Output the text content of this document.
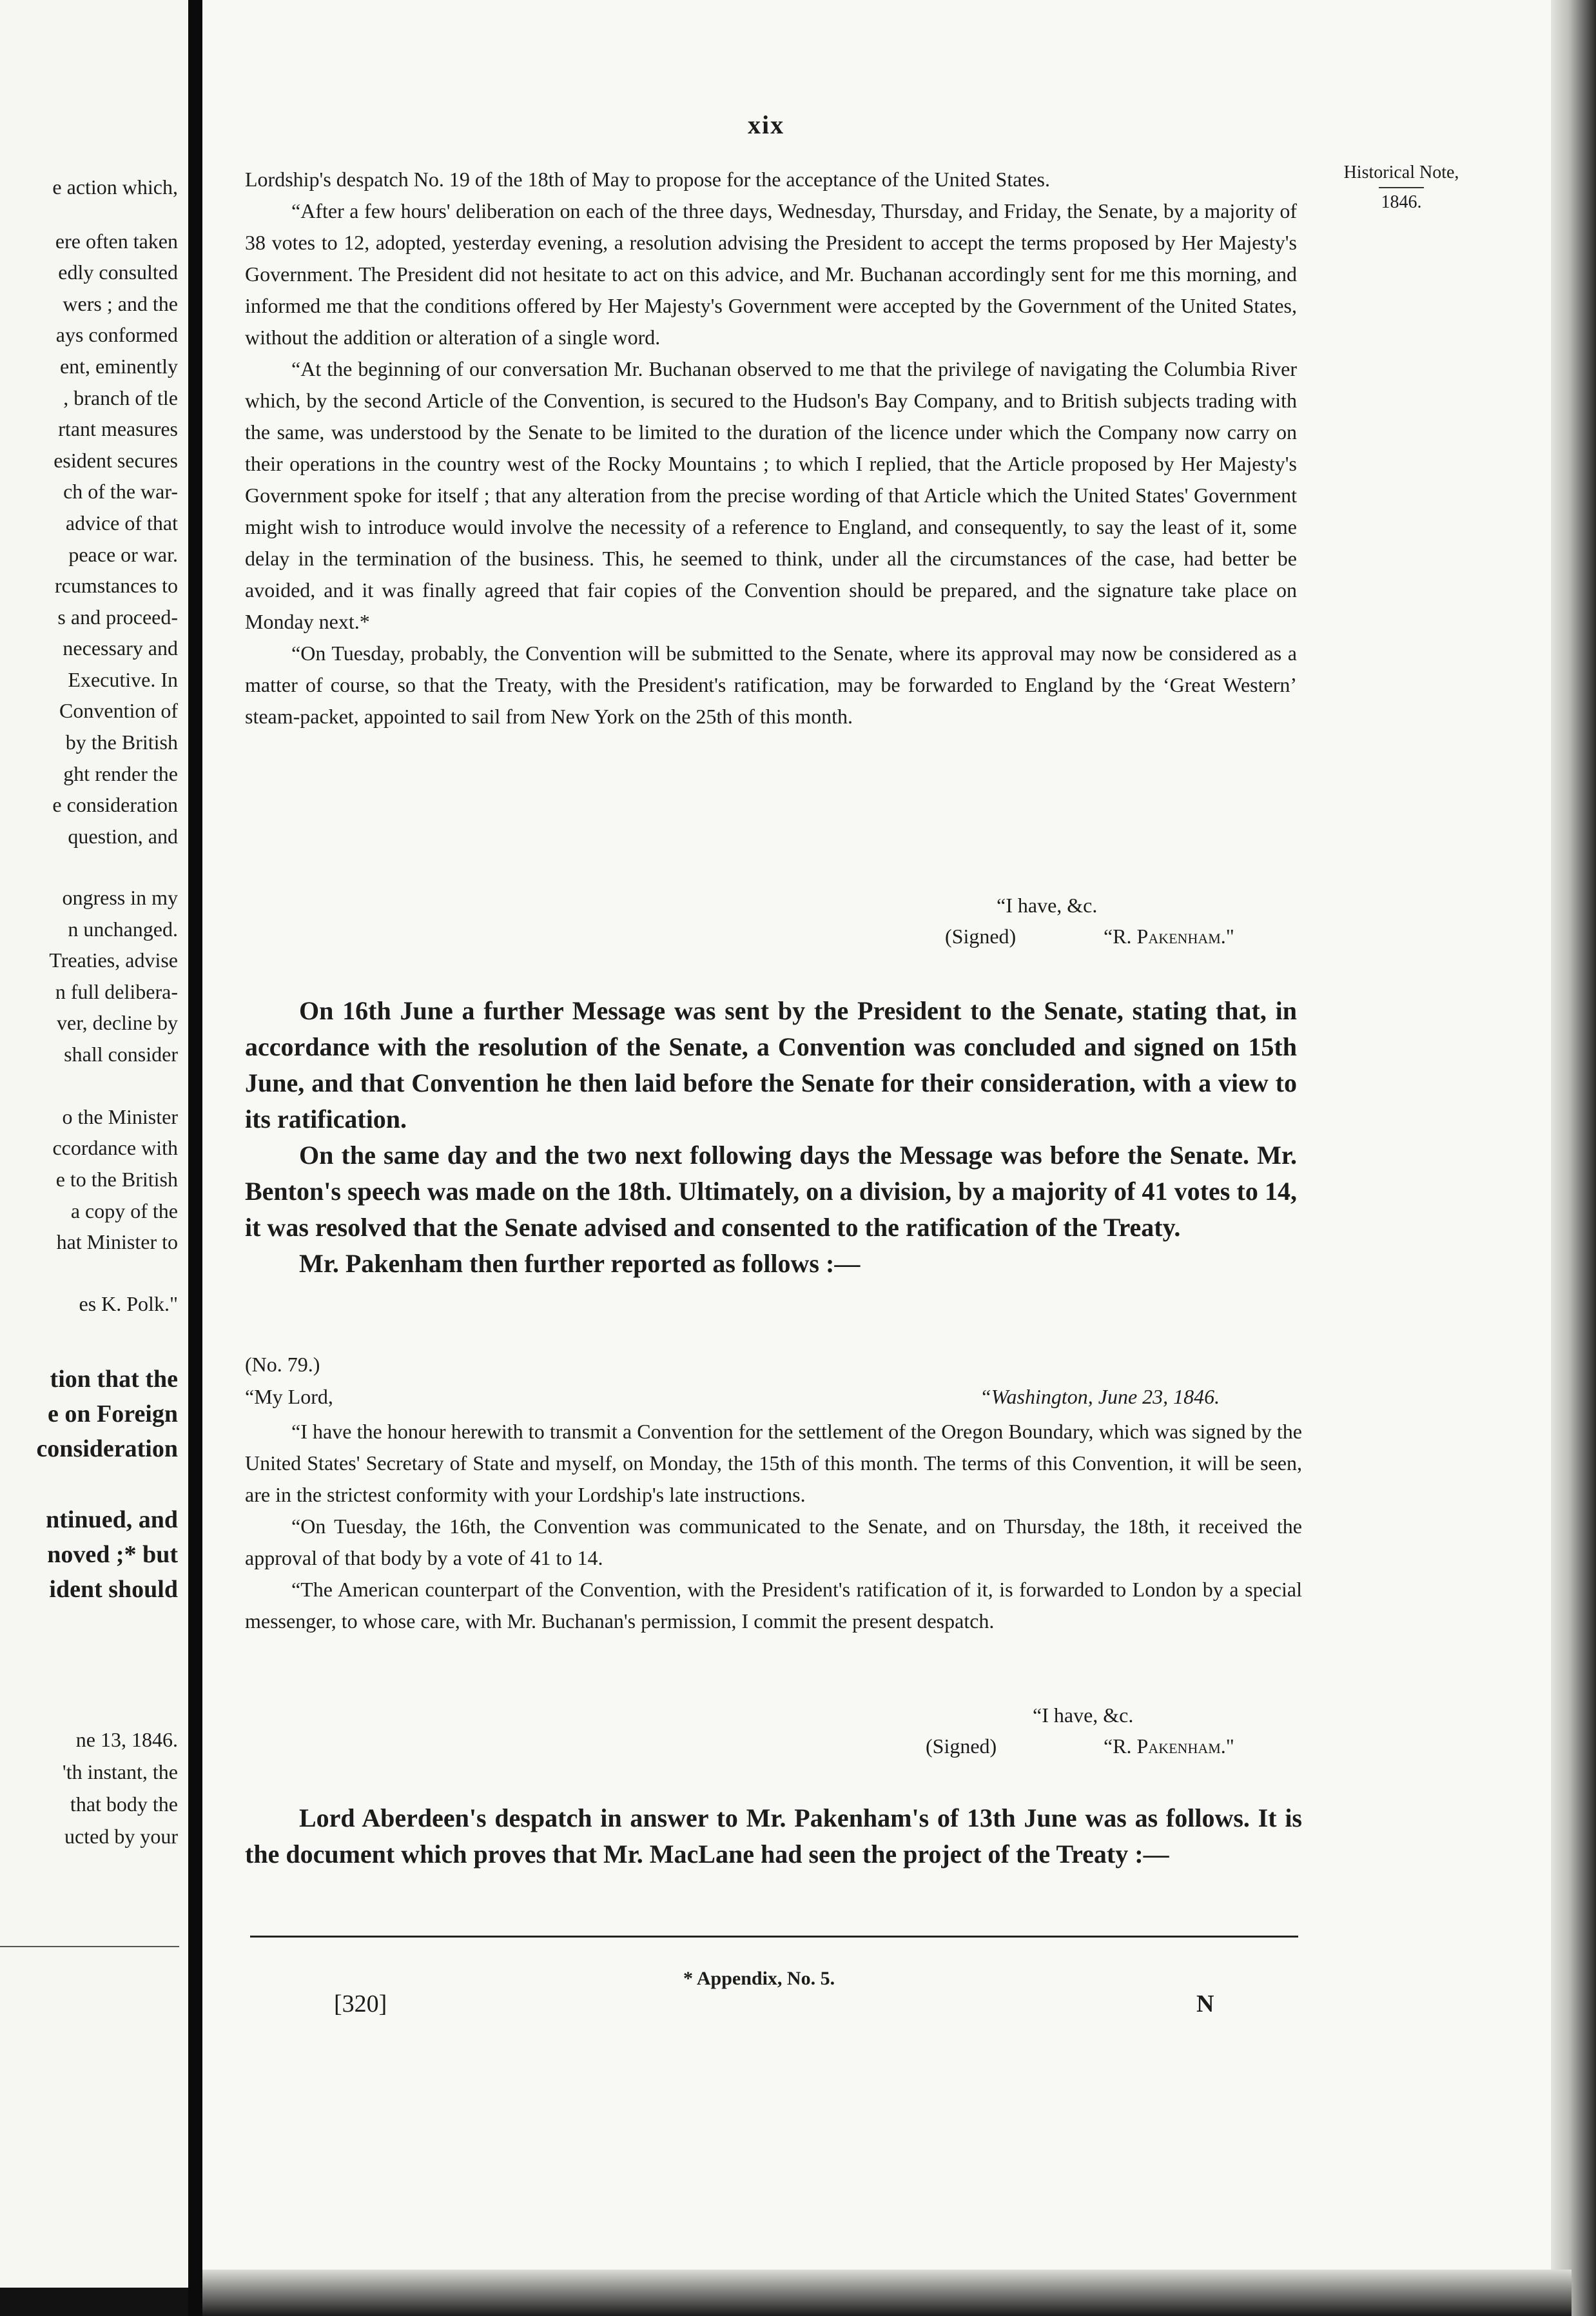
e action which,
ere often taken
edly consulted
wers ; and the
ays conformed
ent, eminently
, branch of tle
rtant measures
esident secures
ch of the war-
advice of that
peace or war.
rcumstances to
s and proceed-
necessary and
Executive. In
Convention of
by the British
ght render the
e consideration
question, and
ongress in my
n unchanged.
Treaties, advise
n full delibera-
ver, decline by
shall consider
o the Minister
ccordance with
e to the British
a copy of the
hat Minister to
es K. Polk."
tion that the
e on Foreign
consideration
ntinued, and
noved ;* but
ident should
ne 13, 1846.
'th instant, the
that body the
ucted by your
xix
Historical Note,
1846.

Lordship's despatch No. 19 of the 18th of May to propose for the acceptance of the United States.

“After a few hours' deliberation on each of the three days, Wednesday, Thursday, and Friday, the Senate, by a majority of 38 votes to 12, adopted, yesterday evening, a resolution advising the President to accept the terms proposed by Her Majesty's Government. The President did not hesitate to act on this advice, and Mr. Buchanan accordingly sent for me this morning, and informed me that the conditions offered by Her Majesty's Government were accepted by the Government of the United States, without the addition or alteration of a single word.

“At the beginning of our conversation Mr. Buchanan observed to me that the privilege of navigating the Columbia River which, by the second Article of the Convention, is secured to the Hudson's Bay Company, and to British subjects trading with the same, was understood by the Senate to be limited to the duration of the licence under which the Company now carry on their operations in the country west of the Rocky Mountains ; to which I replied, that the Article proposed by Her Majesty's Government spoke for itself ; that any alteration from the precise wording of that Article which the United States' Government might wish to introduce would involve the necessity of a reference to England, and consequently, to say the least of it, some delay in the termination of the business. This, he seemed to think, under all the circumstances of the case, had better be avoided, and it was finally agreed that fair copies of the Convention should be prepared, and the signature take place on Monday next.*

“On Tuesday, probably, the Convention will be submitted to the Senate, where its approval may now be considered as a matter of course, so that the Treaty, with the President's ratification, may be forwarded to England by the ‘Great Western’ steam-packet, appointed to sail from New York on the 25th of this month.

“I have, &c.
(Signed)	“R. Pakenham."

On 16th June a further Message was sent by the President to the Senate, stating that, in accordance with the resolution of the Senate, a Convention was concluded and signed on 15th June, and that Convention he then laid before the Senate for their consideration, with a view to its ratification.

On the same day and the two next following days the Message was before the Senate. Mr. Benton's speech was made on the 18th. Ultimately, on a division, by a majority of 41 votes to 14, it was resolved that the Senate advised and consented to the ratification of the Treaty.

Mr. Pakenham then further reported as follows :—

(No. 79.)
“My Lord,	“Washington, June 23, 1846.

“I have the honour herewith to transmit a Convention for the settlement of the Oregon Boundary, which was signed by the United States' Secretary of State and myself, on Monday, the 15th of this month. The terms of this Convention, it will be seen, are in the strictest conformity with your Lordship's late instructions.

“On Tuesday, the 16th, the Convention was communicated to the Senate, and on Thursday, the 18th, it received the approval of that body by a vote of 41 to 14.

“The American counterpart of the Convention, with the President's ratification of it, is forwarded to London by a special messenger, to whose care, with Mr. Buchanan's permission, I commit the present despatch.

“I have, &c.
(Signed)	“R. Pakenham."

Lord Aberdeen's despatch in answer to Mr. Pakenham's of 13th June was as follows. It is the document which proves that Mr. MacLane had seen the project of the Treaty :—

* Appendix, No. 5.
[320]	N
